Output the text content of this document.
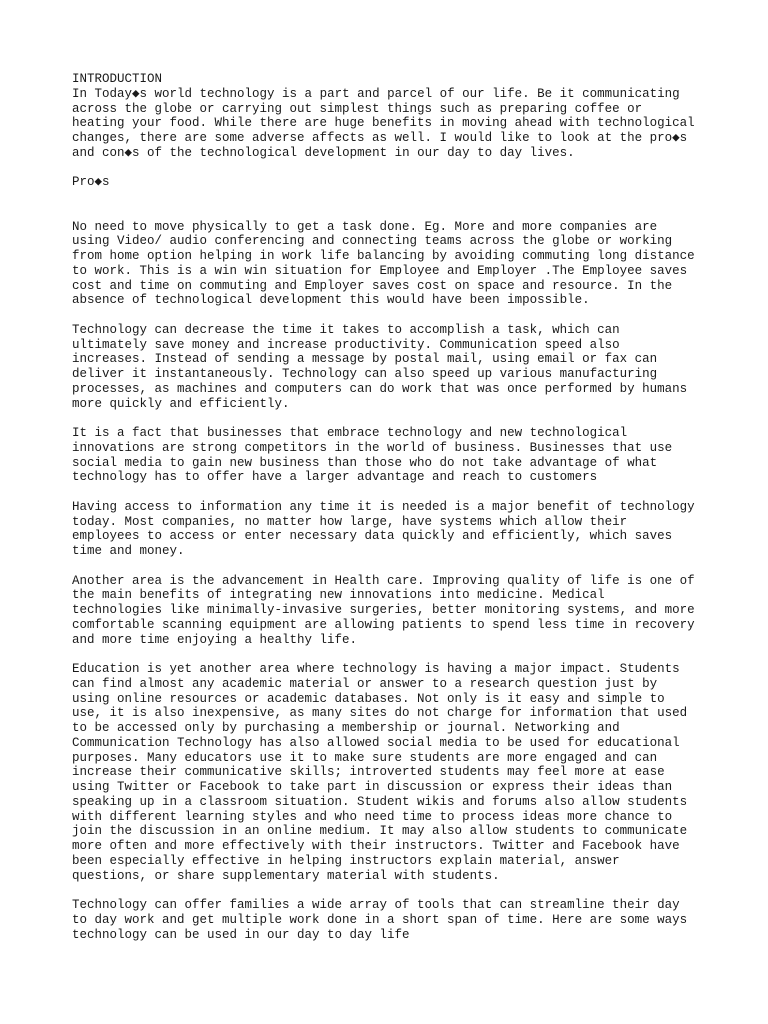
INTRODUCTION
In Today◆s world technology is a part and parcel of our life. Be it communicating
across the globe or carrying out simplest things such as preparing coffee or
heating your food. While there are huge benefits in moving ahead with technological
changes, there are some adverse affects as well. I would like to look at the pro◆s
and con◆s of the technological development in our day to day lives.
Pro◆s
No need to move physically to get a task done. Eg. More and more companies are
using Video/ audio conferencing and connecting teams across the globe or working
from home option helping in work life balancing by avoiding commuting long distance
to work. This is a win win situation for Employee and Employer .The Employee saves
cost and time on commuting and Employer saves cost on space and resource. In the
absence of technological development this would have been impossible.
Technology can decrease the time it takes to accomplish a task, which can
ultimately save money and increase productivity. Communication speed also
increases. Instead of sending a message by postal mail, using email or fax can
deliver it instantaneously. Technology can also speed up various manufacturing
processes, as machines and computers can do work that was once performed by humans
more quickly and efficiently.
It is a fact that businesses that embrace technology and new technological
innovations are strong competitors in the world of business. Businesses that use
social media to gain new business than those who do not take advantage of what
technology has to offer have a larger advantage and reach to customers
Having access to information any time it is needed is a major benefit of technology
today. Most companies, no matter how large, have systems which allow their
employees to access or enter necessary data quickly and efficiently, which saves
time and money.
Another area is the advancement in Health care. Improving quality of life is one of
the main benefits of integrating new innovations into medicine. Medical
technologies like minimally-invasive surgeries, better monitoring systems, and more
comfortable scanning equipment are allowing patients to spend less time in recovery
and more time enjoying a healthy life.
Education is yet another area where technology is having a major impact. Students
can find almost any academic material or answer to a research question just by
using online resources or academic databases. Not only is it easy and simple to
use, it is also inexpensive, as many sites do not charge for information that used
to be accessed only by purchasing a membership or journal. Networking and
Communication Technology has also allowed social media to be used for educational
purposes. Many educators use it to make sure students are more engaged and can
increase their communicative skills; introverted students may feel more at ease
using Twitter or Facebook to take part in discussion or express their ideas than
speaking up in a classroom situation. Student wikis and forums also allow students
with different learning styles and who need time to process ideas more chance to
join the discussion in an online medium. It may also allow students to communicate
more often and more effectively with their instructors. Twitter and Facebook have
been especially effective in helping instructors explain material, answer
questions, or share supplementary material with students.
Technology can offer families a wide array of tools that can streamline their day
to day work and get multiple work done in a short span of time. Here are some ways
technology can be used in our day to day life
